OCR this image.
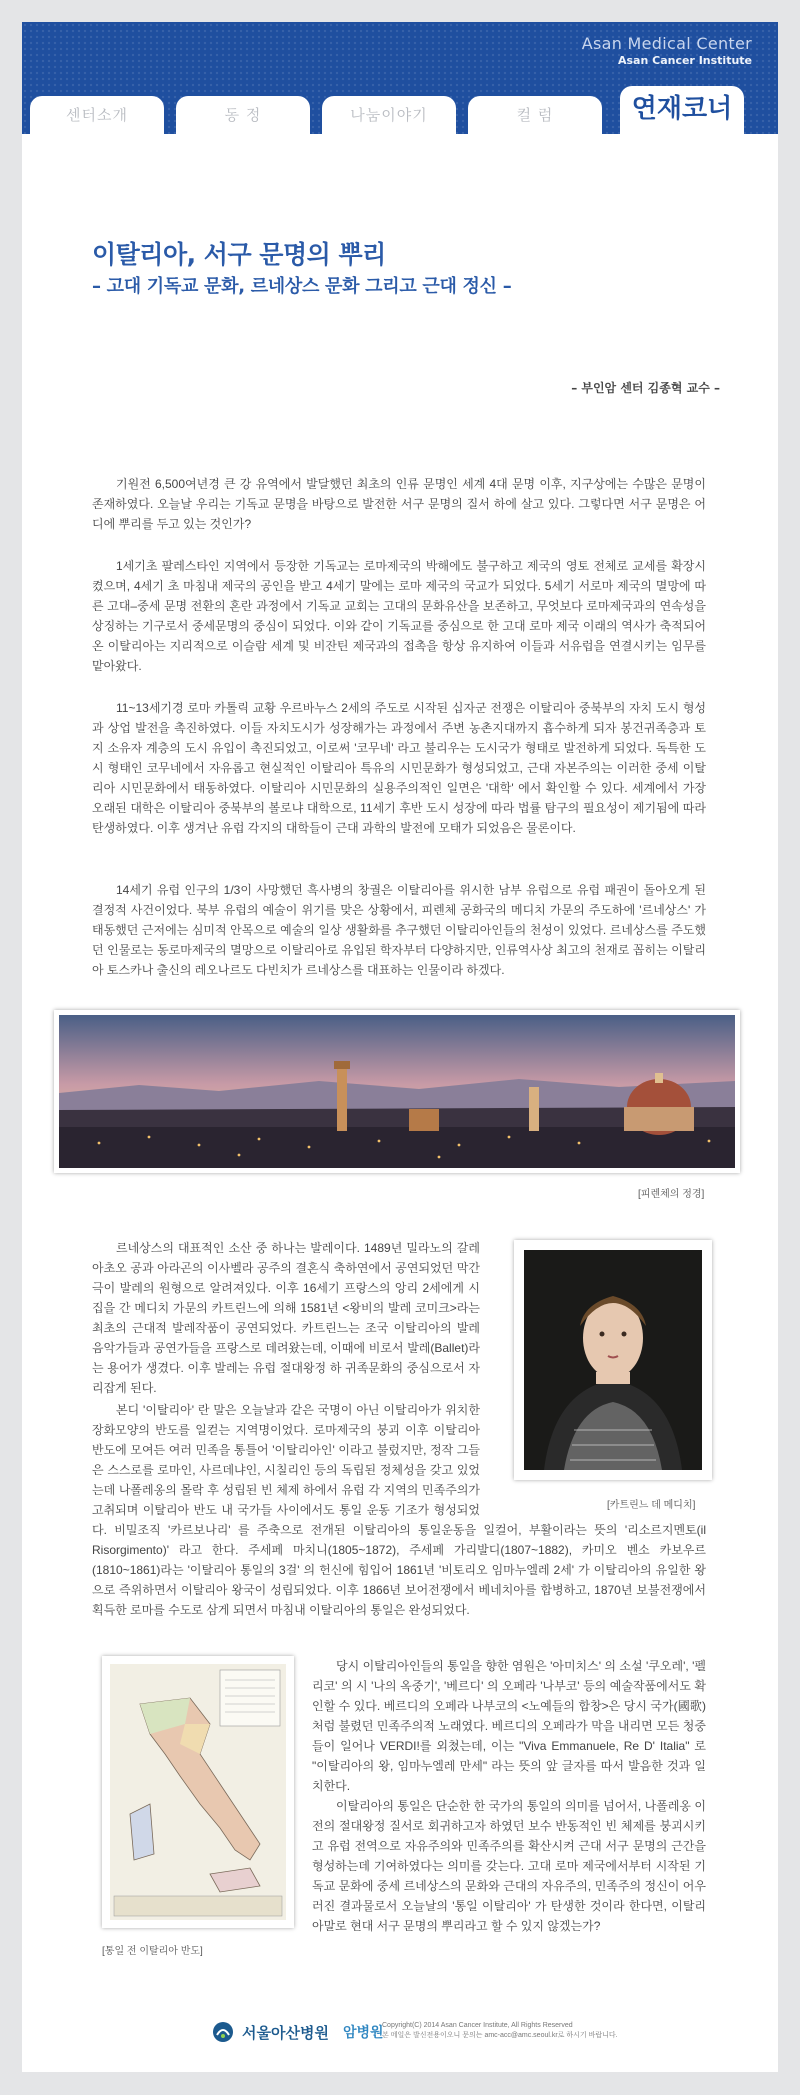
Asan Medical Center
Asan Cancer Institute
센터소개	동 정	나눔이야기	컬 럼	연재코너
이탈리아, 서구 문명의 뿌리
– 고대 기독교 문화, 르네상스 문화 그리고 근대 정신 –
– 부인암 센터 김종혁 교수 –

기원전 6,500여년경 큰 강 유역에서 발달했던 최초의 인류 문명인 세계 4대 문명 이후, 지구상에는 수많은 문명이 존재하였다. 오늘날 우리는 기독교 문명을 바탕으로 발전한 서구 문명의 질서 하에 살고 있다. 그렇다면 서구 문명은 어디에 뿌리를 두고 있는 것인가?

1세기초 팔레스타인 지역에서 등장한 기독교는 로마제국의 박해에도 불구하고 제국의 영토 전체로 교세를 확장시켰으며, 4세기 초 마침내 제국의 공인을 받고 4세기 말에는 로마 제국의 국교가 되었다. 5세기 서로마 제국의 멸망에 따른 고대–중세 문명 전환의 혼란 과정에서 기독교 교회는 고대의 문화유산을 보존하고, 무엇보다 로마제국과의 연속성을 상징하는 기구로서 중세문명의 중심이 되었다. 이와 같이 기독교를 중심으로 한 고대 로마 제국 이래의 역사가 축적되어 온 이탈리아는 지리적으로 이슬람 세계 및 비잔틴 제국과의 접촉을 항상 유지하여 이들과 서유럽을 연결시키는 임무를 맡아왔다.

11~13세기경 로마 카톨릭 교황 우르바누스 2세의 주도로 시작된 십자군 전쟁은 이탈리아 중북부의 자치 도시 형성과 상업 발전을 촉진하였다. 이들 자치도시가 성장해가는 과정에서 주변 농촌지대까지 흡수하게 되자 봉건귀족층과 토지 소유자 계층의 도시 유입이 촉진되었고, 이로써 '코무네' 라고 불리우는 도시국가 형태로 발전하게 되었다. 독특한 도시 형태인 코무네에서 자유롭고 현실적인 이탈리아 특유의 시민문화가 형성되었고, 근대 자본주의는 이러한 중세 이탈리아 시민문화에서 태동하였다. 이탈리아 시민문화의 실용주의적인 일면은 '대학' 에서 확인할 수 있다. 세계에서 가장 오래된 대학은 이탈리아 중북부의 볼로냐 대학으로, 11세기 후반 도시 성장에 따라 법률 탐구의 필요성이 제기됨에 따라 탄생하였다. 이후 생겨난 유럽 각지의 대학들이 근대 과학의 발전에 모태가 되었음은 물론이다.

14세기 유럽 인구의 1/3이 사망했던 흑사병의 창궐은 이탈리아를 위시한 남부 유럽으로 유럽 패권이 돌아오게 된 결정적 사건이었다. 북부 유럽의 예술이 위기를 맞은 상황에서, 피렌체 공화국의 메디치 가문의 주도하에 '르네상스' 가 태동했던 근저에는 심미적 안목으로 예술의 일상 생활화를 추구했던 이탈리아인들의 천성이 있었다. 르네상스를 주도했던 인물로는 동로마제국의 멸망으로 이탈리아로 유입된 학자부터 다양하지만, 인류역사상 최고의 천재로 꼽히는 이탈리아 토스카나 출신의 레오나르도 다빈치가 르네상스를 대표하는 인물이라 하겠다.

[피렌체의 정경]

르네상스의 대표적인 소산 중 하나는 발레이다. 1489년 밀라노의 갈레아초오 공과 아라곤의 이사벨라 공주의 결혼식 축하연에서 공연되었던 막간극이 발레의 원형으로 알려져있다. 이후 16세기 프랑스의 앙리 2세에게 시집을 간 메디치 가문의 카트린느에 의해 1581년 <왕비의 발레 코미크>라는 최초의 근대적 발레작품이 공연되었다. 카트린느는 조국 이탈리아의 발레 음악가들과 공연가들을 프랑스로 데려왔는데, 이때에 비로서 발레(Ballet)라는 용어가 생겼다. 이후 발레는 유럽 절대왕정 하 귀족문화의 중심으로서 자리잡게 된다.

[카트린느 데 메디치]

본디 '이탈리아' 란 말은 오늘날과 같은 국명이 아닌 이탈리아가 위치한 장화모양의 반도를 일컫는 지역명이었다. 로마제국의 붕괴 이후 이탈리아 반도에 모여든 여러 민족을 통틀어 '이탈리아인' 이라고 불렀지만, 정작 그들은 스스로를 로마인, 사르데냐인, 시칠리인 등의 독립된 정체성을 갖고 있었는데 나폴레옹의 몰락 후 성립된 빈 체제 하에서 유럽 각 지역의 민족주의가 고취되며 이탈리아 반도 내 국가들 사이에서도 통일 운동 기조가 형성되었다. 비밀조직 '카르보나리' 를 주축으로 전개된 이탈리아의 통일운동을 일컬어, 부활이라는 뜻의 '리소르지멘토(il Risorgimento)' 라고 한다. 주세페 마치니(1805~1872), 주세페 가리발디(1807~1882), 카미오 벤소 카보우르(1810~1861)라는 '이탈리아 통일의 3걸' 의 헌신에 힘입어 1861년 '비토리오 임마누엘레 2세' 가 이탈리아의 유일한 왕으로 즉위하면서 이탈리아 왕국이 성립되었다. 이후 1866년 보어전쟁에서 베네치아를 합병하고, 1870년 보불전쟁에서 획득한 로마를 수도로 삼게 되면서 마침내 이탈리아의 통일은 완성되었다.

[통일 전 이탈리아 반도]

당시 이탈리아인들의 통일을 향한 염원은 '아미치스' 의 소설 '쿠오레', '펠리코' 의 시 '나의 옥중기', '베르디' 의 오페라 '나부코' 등의 예술작품에서도 확인할 수 있다. 베르디의 오페라 나부코의 <노예들의 합창>은 당시 국가(國歌)처럼 불렸던 민족주의적 노래였다. 베르디의 오페라가 막을 내리면 모든 청중들이 일어나 VERDI!를 외쳤는데, 이는 "Viva Emmanuele, Re D' Italia" 로 "이탈리아의 왕, 임마누엘레 만세" 라는 뜻의 앞 글자를 따서 발음한 것과 일치한다.

이탈리아의 통일은 단순한 한 국가의 통일의 의미를 넘어서, 나폴레옹 이전의 절대왕정 질서로 회귀하고자 하였던 보수 반동적인 빈 체제를 붕괴시키고 유럽 전역으로 자유주의와 민족주의를 확산시켜 근대 서구 문명의 근간을 형성하는데 기여하였다는 의미를 갖는다. 고대 로마 제국에서부터 시작된 기독교 문화에 중세 르네상스의 문화와 근대의 자유주의, 민족주의 정신이 어우러진 결과물로서 오늘날의 '통일 이탈리아' 가 탄생한 것이라 한다면, 이탈리아말로 현대 서구 문명의 뿌리라고 할 수 있지 않겠는가?

서울아산병원 암병원
Copyright(C) 2014 Asan Cancer Institute, All Rights Reserved
본 메일은 발신전용이오니 문의는 amc-acc@amc.seoul.kr로 하시기 바랍니다.
